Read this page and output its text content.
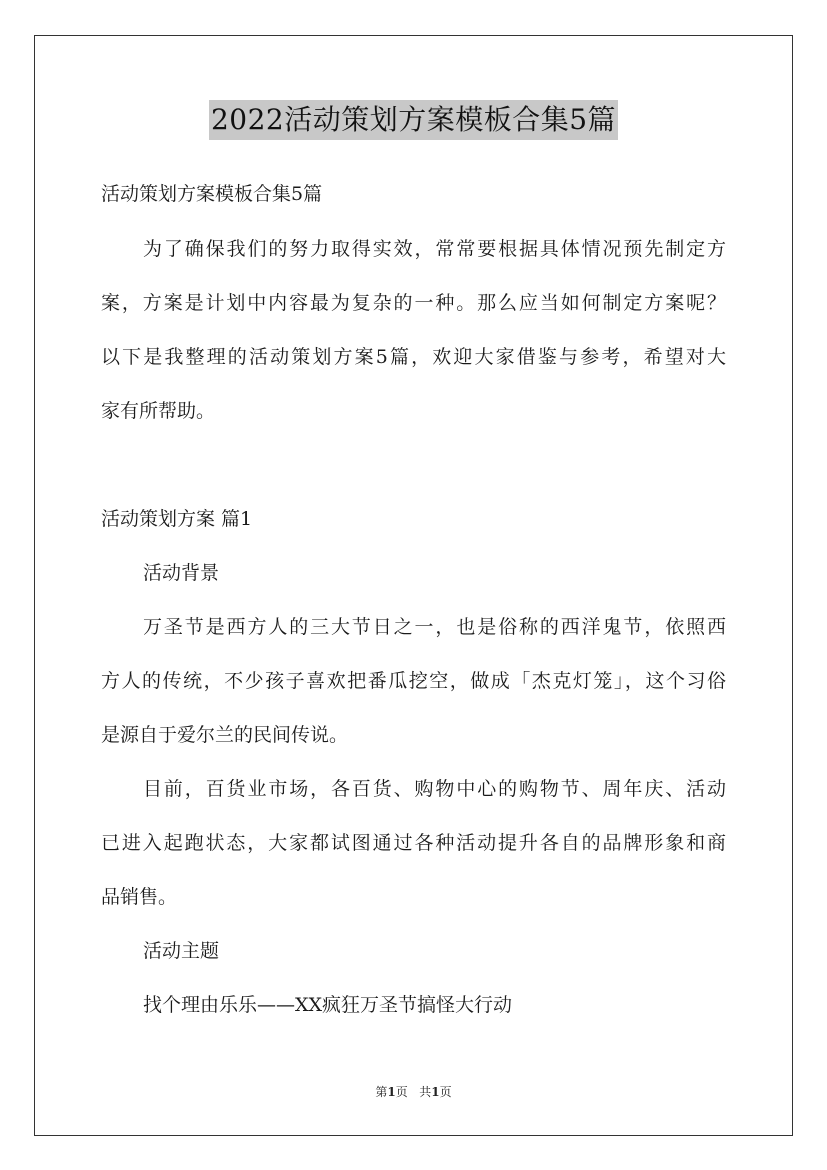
2022活动策划方案模板合集5篇
活动策划方案模板合集5篇
为了确保我们的努力取得实效，常常要根据具体情况预先制定方
案，方案是计划中内容最为复杂的一种。那么应当如何制定方案呢？
以下是我整理的活动策划方案5篇，欢迎大家借鉴与参考，希望对大
家有所帮助。
活动策划方案 篇1
活动背景
万圣节是西方人的三大节日之一，也是俗称的西洋鬼节，依照西
方人的传统，不少孩子喜欢把番瓜挖空，做成「杰克灯笼」，这个习俗
是源自于爱尔兰的民间传说。
目前，百货业市场，各百货、购物中心的购物节、周年庆、活动
已进入起跑状态，大家都试图通过各种活动提升各自的品牌形象和商
品销售。
活动主题
找个理由乐乐——XX疯狂万圣节搞怪大行动
第1页 共1页
